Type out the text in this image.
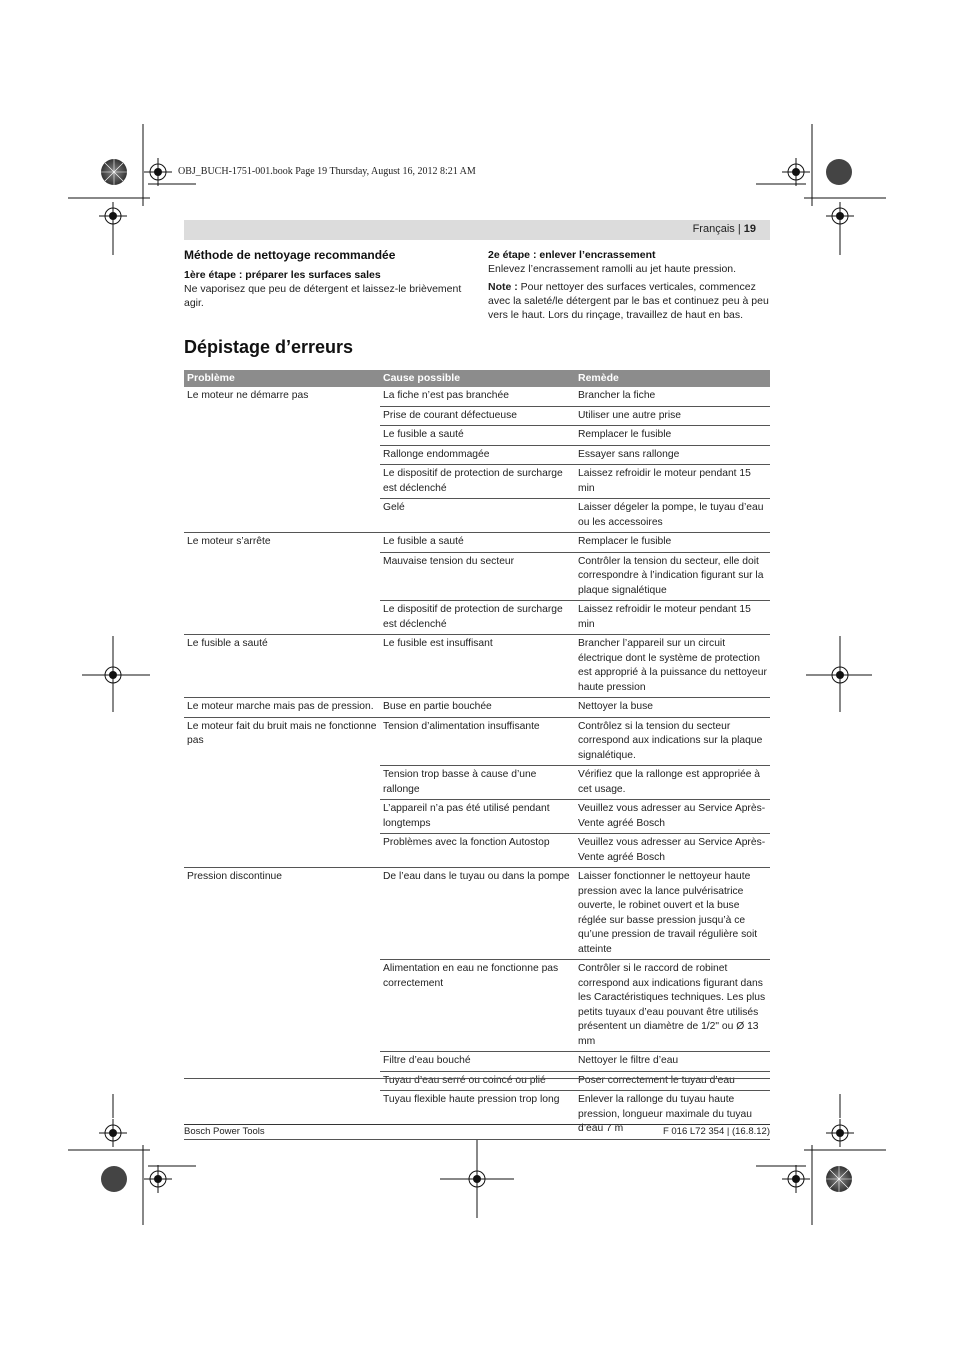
OBJ_BUCH-1751-001.book Page 19 Thursday, August 16, 2012 8:21 AM
Français | 19

Méthode de nettoyage recommandée

1ère étape : préparer les surfaces sales

Ne vaporisez que peu de détergent et laissez-le brièvement agir.

2e étape : enlever l’encrassement

Enlevez l’encrassement ramolli au jet haute pression.

Note : Pour nettoyer des surfaces verticales, commencez avec la saleté/le détergent par le bas et continuez peu à peu vers le haut. Lors du rinçage, travaillez de haut en bas.

Dépistage d’erreurs
Problème	Cause possible	Remède
Le moteur ne démarre pas	La fiche n’est pas branchée	Brancher la fiche
	Prise de courant défectueuse	Utiliser une autre prise
	Le fusible a sauté	Remplacer le fusible
	Rallonge endommagée	Essayer sans rallonge
	Le dispositif de protection de surcharge est déclenché	Laissez refroidir le moteur pendant 15 min
	Gelé	Laisser dégeler la pompe, le tuyau d’eau ou les accessoires
Le moteur s’arrête	Le fusible a sauté	Remplacer le fusible
	Mauvaise tension du secteur	Contrôler la tension du secteur, elle doit correspondre à l’indication figurant sur la plaque signalétique
	Le dispositif de protection de surcharge est déclenché	Laissez refroidir le moteur pendant 15 min
Le fusible a sauté	Le fusible est insuffisant	Brancher l’appareil sur un circuit électrique dont le système de protection est approprié à la puissance du nettoyeur haute pression
Le moteur marche mais pas de pression.	Buse en partie bouchée	Nettoyer la buse
Le moteur fait du bruit mais ne fonctionne pas	Tension d’alimentation insuffisante	Contrôlez si la tension du secteur correspond aux indications sur la plaque signalétique.
	Tension trop basse à cause d’une rallonge	Vérifiez que la rallonge est appropriée à cet usage.
	L’appareil n’a pas été utilisé pendant longtemps	Veuillez vous adresser au Service Après-Vente agréé Bosch
	Problèmes avec la fonction Autostop	Veuillez vous adresser au Service Après-Vente agréé Bosch
Pression discontinue	De l’eau dans le tuyau ou dans la pompe	Laisser fonctionner le nettoyeur haute pression avec la lance pulvérisatrice ouverte, le robinet ouvert et la buse réglée sur basse pression jusqu’à ce qu’une pression de travail régulière soit atteinte
	Alimentation en eau ne fonctionne pas correctement	Contrôler si le raccord de robinet correspond aux indications figurant dans les Caractéristiques techniques. Les plus petits tuyaux d’eau pouvant être utilisés présentent un diamètre de 1/2" ou Ø 13 mm
	Filtre d’eau bouché	Nettoyer le filtre d’eau
	Tuyau d’eau serré ou coincé ou plié	Poser correctement le tuyau d’eau
	Tuyau flexible haute pression trop long	Enlever la rallonge du tuyau haute pression, longueur maximale du tuyau d’eau 7 m
Bosch Power Tools	F 016 L72 354 | (16.8.12)
